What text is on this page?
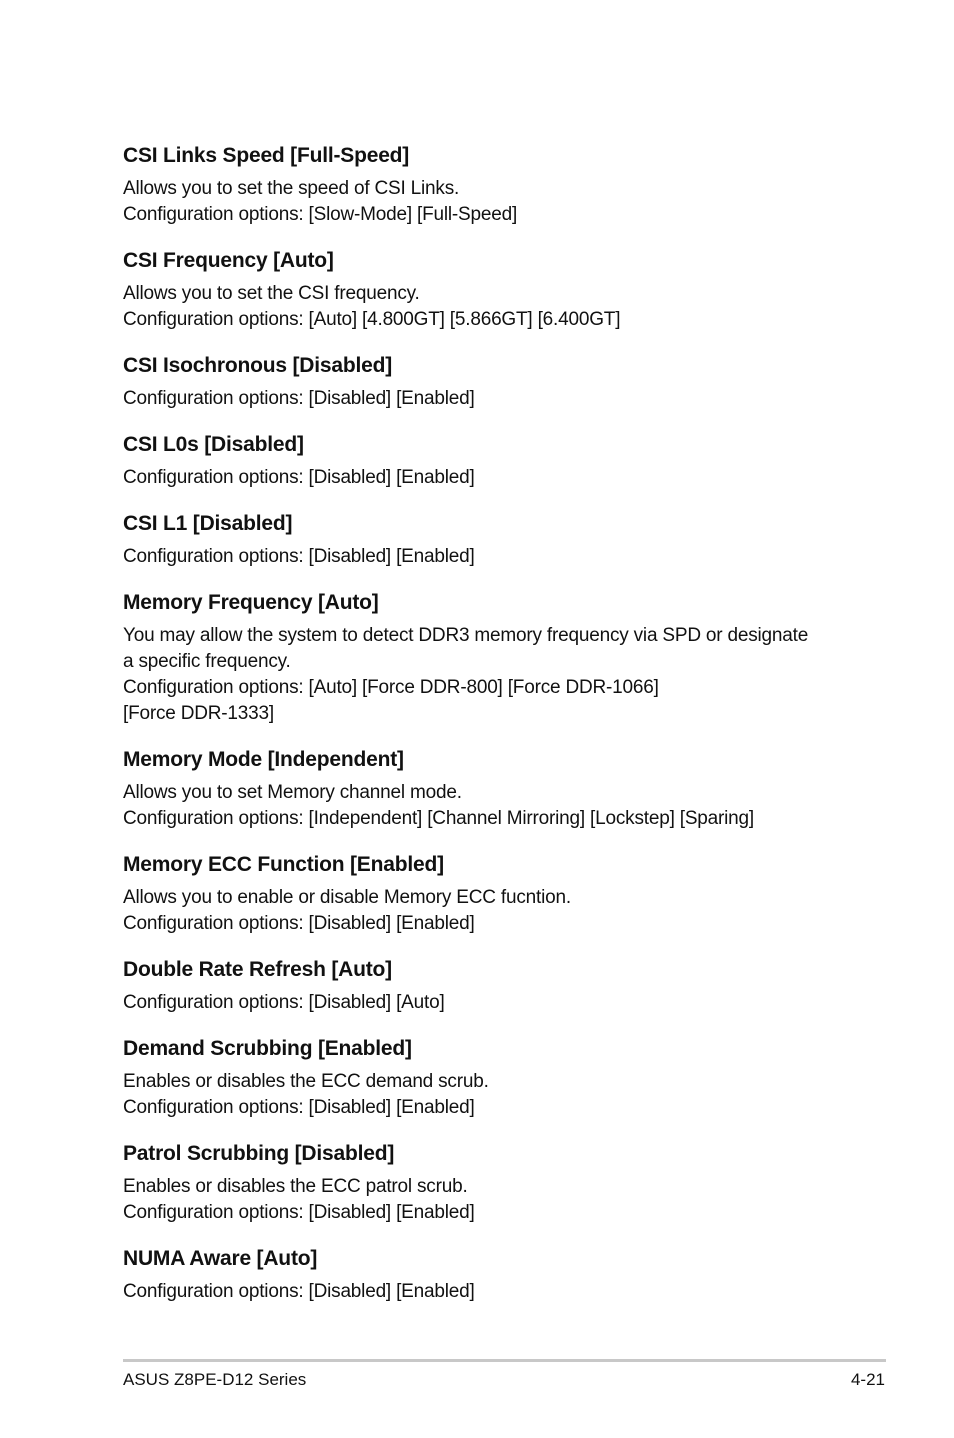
CSI Links Speed [Full-Speed]
Allows you to set the speed of CSI Links.
Configuration options: [Slow-Mode] [Full-Speed]
CSI Frequency [Auto]
Allows you to set the CSI frequency.
Configuration options: [Auto] [4.800GT] [5.866GT] [6.400GT]
CSI Isochronous [Disabled]
Configuration options: [Disabled] [Enabled]
CSI L0s [Disabled]
Configuration options: [Disabled] [Enabled]
CSI L1 [Disabled]
Configuration options: [Disabled] [Enabled]
Memory Frequency [Auto]
You may allow the system to detect DDR3 memory frequency via SPD or designate
a specific frequency.
Configuration options: [Auto] [Force DDR-800] [Force DDR-1066]
[Force DDR-1333]
Memory Mode [Independent]
Allows you to set Memory channel mode.
Configuration options: [Independent] [Channel Mirroring] [Lockstep] [Sparing]
Memory ECC Function [Enabled]
Allows you to enable or disable Memory ECC fucntion.
Configuration options: [Disabled] [Enabled]
Double Rate Refresh [Auto]
Configuration options: [Disabled] [Auto]
Demand Scrubbing [Enabled]
Enables or disables the ECC demand scrub.
Configuration options: [Disabled] [Enabled]
Patrol Scrubbing [Disabled]
Enables or disables the ECC patrol scrub.
Configuration options: [Disabled] [Enabled]
NUMA Aware [Auto]
Configuration options: [Disabled] [Enabled]
ASUS Z8PE-D12 Series	4-21
